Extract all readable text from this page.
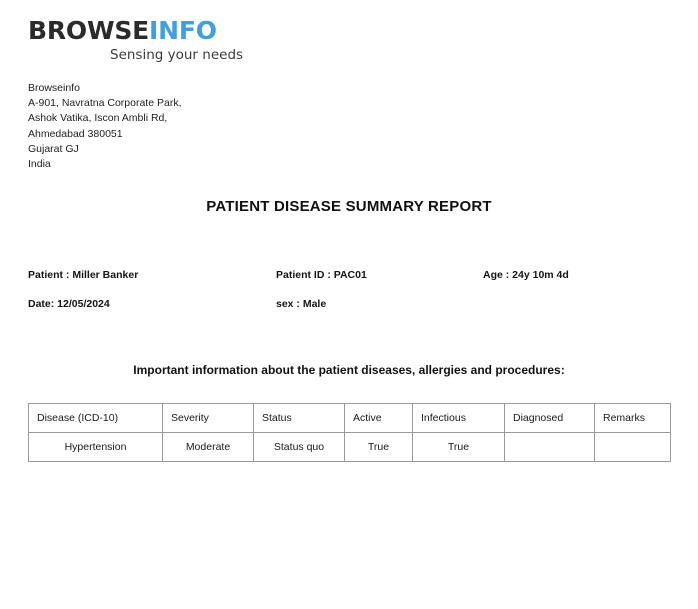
BROWSEINFO
Sensing your needs
Browseinfo
A-901, Navratna Corporate Park,
Ashok Vatika, Iscon Ambli Rd,
Ahmedabad 380051
Gujarat GJ
India
PATIENT DISEASE SUMMARY REPORT
Patient : Miller Banker	Patient ID : PAC01	Age : 24y 10m 4d
Date: 12/05/2024	sex : Male
Important information about the patient diseases, allergies and procedures:
Disease (ICD-10)	Severity	Status	Active	Infectious	Diagnosed	Remarks
Hypertension	Moderate	Status quo	True	True		
